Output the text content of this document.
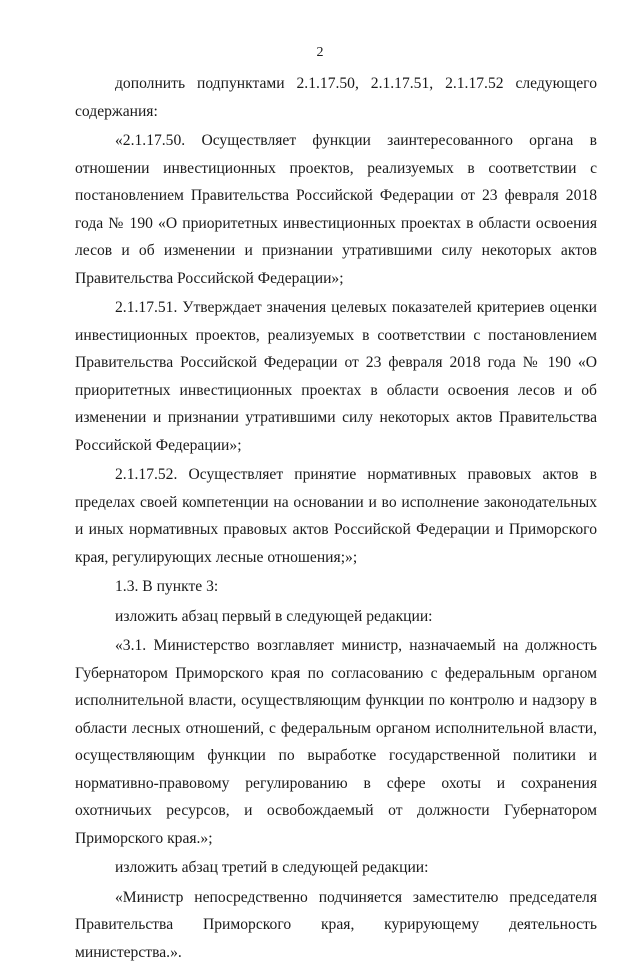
2

дополнить подпунктами 2.1.17.50, 2.1.17.51, 2.1.17.52 следующего содержания:

«2.1.17.50. Осуществляет функции заинтересованного органа в отношении инвестиционных проектов, реализуемых в соответствии с постановлением Правительства Российской Федерации от 23 февраля 2018 года № 190 «О приоритетных инвестиционных проектах в области освоения лесов и об изменении и признании утратившими силу некоторых актов Правительства Российской Федерации»;

2.1.17.51. Утверждает значения целевых показателей критериев оценки инвестиционных проектов, реализуемых в соответствии с постановлением Правительства Российской Федерации от 23 февраля 2018 года № 190 «О приоритетных инвестиционных проектах в области освоения лесов и об изменении и признании утратившими силу некоторых актов Правительства Российской Федерации»;

2.1.17.52. Осуществляет принятие нормативных правовых актов в пределах своей компетенции на основании и во исполнение законодательных и иных нормативных правовых актов Российской Федерации и Приморского края, регулирующих лесные отношения;»;

1.3. В пункте 3:

изложить абзац первый в следующей редакции:

«3.1. Министерство возглавляет министр, назначаемый на должность Губернатором Приморского края по согласованию с федеральным органом исполнительной власти, осуществляющим функции по контролю и надзору в области лесных отношений, с федеральным органом исполнительной власти, осуществляющим функции по выработке государственной политики и нормативно-правовому регулированию в сфере охоты и сохранения охотничьих ресурсов, и освобождаемый от должности Губернатором Приморского края.»;

изложить абзац третий в следующей редакции:

«Министр непосредственно подчиняется заместителю председателя Правительства Приморского края, курирующему деятельность министерства.».
